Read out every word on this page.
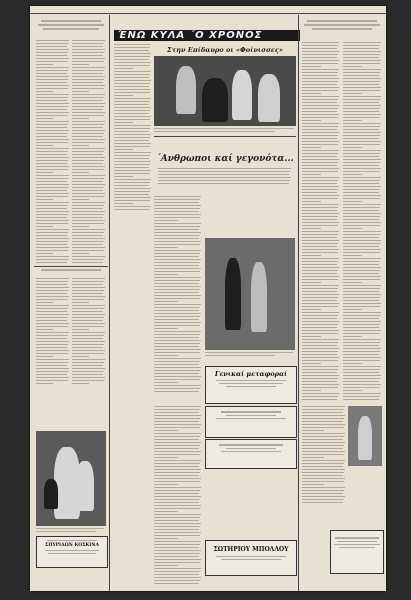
ΣΠΥΡΙΔΩΝ ΚΟΣΚΙΝΑ
ΈΝΩ ΚΥΛΑ ΄Ο ΧΡΟΝΟΣ
Στην Επίδαυρο οι «Φοίνισσες»
΄Ανθρωποι καί γεγονότα...
Γενικαί μεταφοραί
ΣΩΤΗΡΙΟΥ ΜΠΟΛΛΟΥ
